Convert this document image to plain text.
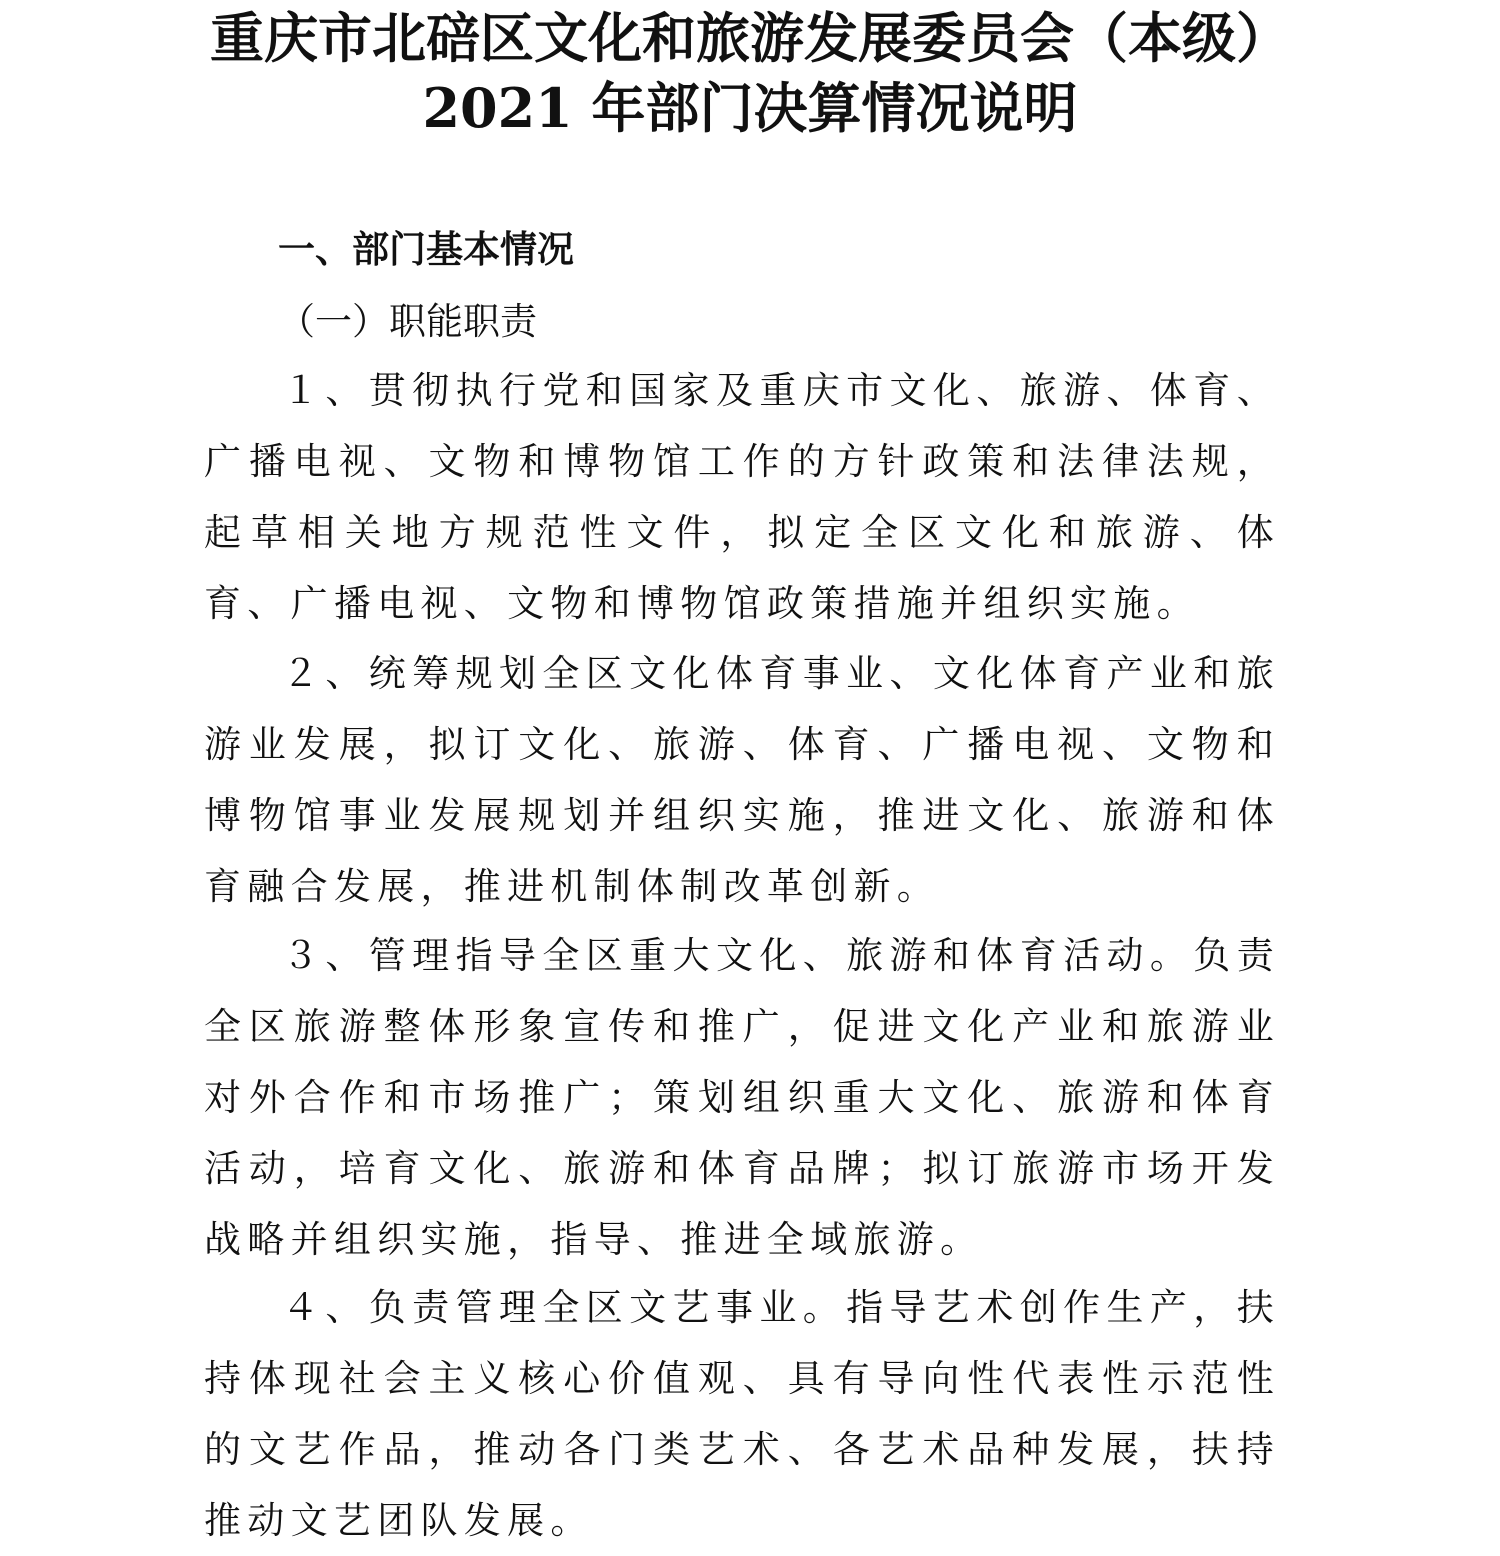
重庆市北碚区文化和旅游发展委员会（本级）
2021 年部门决算情况说明
一、部门基本情况
（一）职能职责

１、贯彻执行党和国家及重庆市文化、旅游、体育、广播电视、文物和博物馆工作的方针政策和法律法规，起草相关地方规范性文件，拟定全区文化和旅游、体育、广播电视、文物和博物馆政策措施并组织实施。

２、统筹规划全区文化体育事业、文化体育产业和旅游业发展，拟订文化、旅游、体育、广播电视、文物和博物馆事业发展规划并组织实施，推进文化、旅游和体育融合发展，推进机制体制改革创新。

３、管理指导全区重大文化、旅游和体育活动。负责全区旅游整体形象宣传和推广，促进文化产业和旅游业对外合作和市场推广；策划组织重大文化、旅游和体育活动，培育文化、旅游和体育品牌；拟订旅游市场开发战略并组织实施，指导、推进全域旅游。

４、负责管理全区文艺事业。指导艺术创作生产，扶持体现社会主义核心价值观、具有导向性代表性示范性的文艺作品，推动各门类艺术、各艺术品种发展，扶持推动文艺团队发展。
